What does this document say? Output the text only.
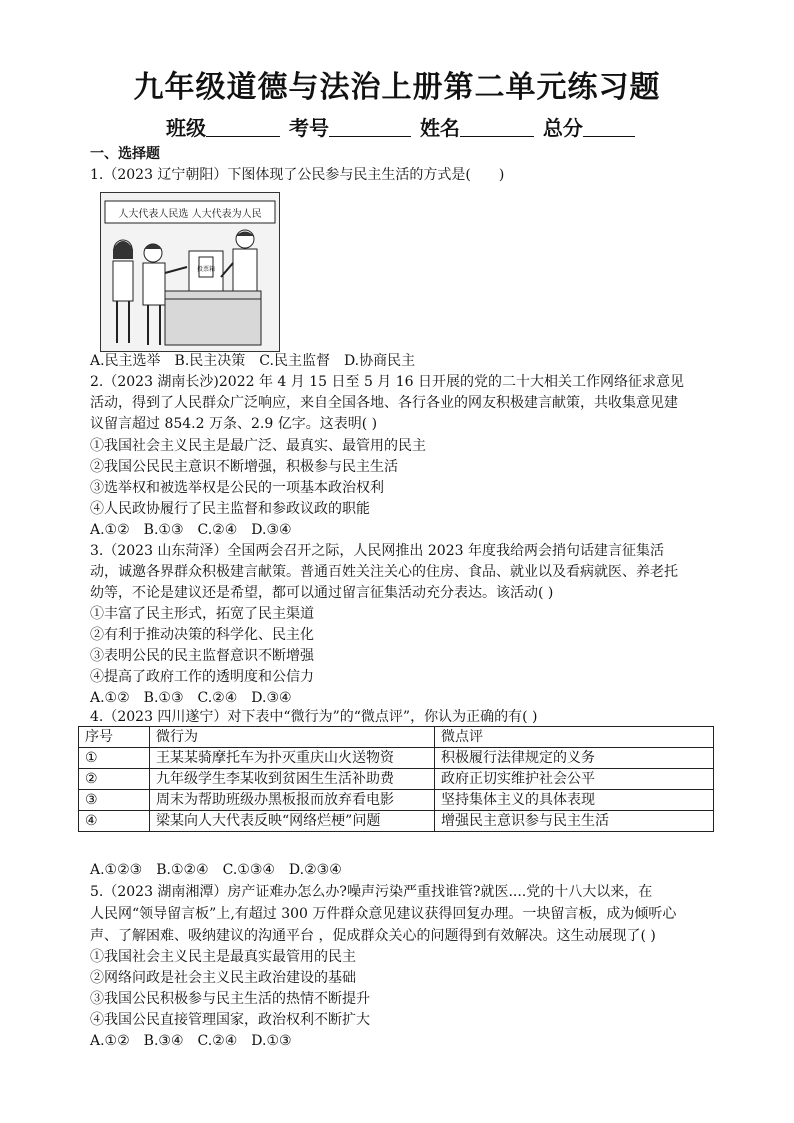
九年级道德与法治上册第二单元练习题
班级	考号	姓名	总分
一、选择题
1.（2023 辽宁朝阳）下图体现了公民参与民主生活的方式是(　　)
人大代表人民选 人大代表为人民
投票箱
A.民主选举　B.民主决策　C.民主监督　D.协商民主
2.（2023 湖南长沙)2022 年 4 月 15 日至 5 月 16 日开展的党的二十大相关工作网络征求意见
活动，得到了人民群众广泛响应，来自全国各地、各行各业的网友积极建言献策，共收集意见建
议留言超过 854.2 万条、2.9 亿字。这表明( )
①我国社会主义民主是最广泛、最真实、最管用的民主
②我国公民民主意识不断增强，积极参与民主生活
③选举权和被选举权是公民的一项基本政治权利
④人民政协履行了民主监督和参政议政的职能
A.①②　B.①③　C.②④　D.③④
3.（2023 山东菏泽）全国两会召开之际，人民网推出 2023 年度我给两会捎句话建言征集活
动，诚邀各界群众积极建言献策。普通百姓关注关心的住房、食品、就业以及看病就医、养老托
幼等，不论是建议还是希望，都可以通过留言征集活动充分表达。该活动( )
①丰富了民主形式，拓宽了民主渠道
②有利于推动决策的科学化、民主化
③表明公民的民主监督意识不断增强
④提高了政府工作的透明度和公信力
A.①②　B.①③　C.②④　D.③④
4.（2023 四川遂宁）对下表中“微行为”的“微点评”，你认为正确的有( )
序号	微行为	微点评
①	王某某骑摩托车为扑灭重庆山火送物资	积极履行法律规定的义务
②	九年级学生李某收到贫困生生活补助费	政府正切实维护社会公平
③	周末为帮助班级办黑板报而放弃看电影	坚持集体主义的具体表现
④	梁某向人大代表反映“网络烂梗”问题	增强民主意识参与民主生活
A.①②③　B.①②④　C.①③④　D.②③④
5.（2023 湖南湘潭）房产证难办怎么办?噪声污染严重找谁管?就医....党的十八大以来，在
人民网“领导留言板”上,有超过 300 万件群众意见建议获得回复办理。一块留言板，成为倾听心
声、了解困难、吸纳建议的沟通平台 ，促成群众关心的问题得到有效解决。这生动展现了( )
①我国社会主义民主是最真实最管用的民主
②网络问政是社会主义民主政治建设的基础
③我国公民积极参与民主生活的热情不断提升
④我国公民直接管理国家，政治权利不断扩大
A.①②　B.③④　C.②④　D.①③
